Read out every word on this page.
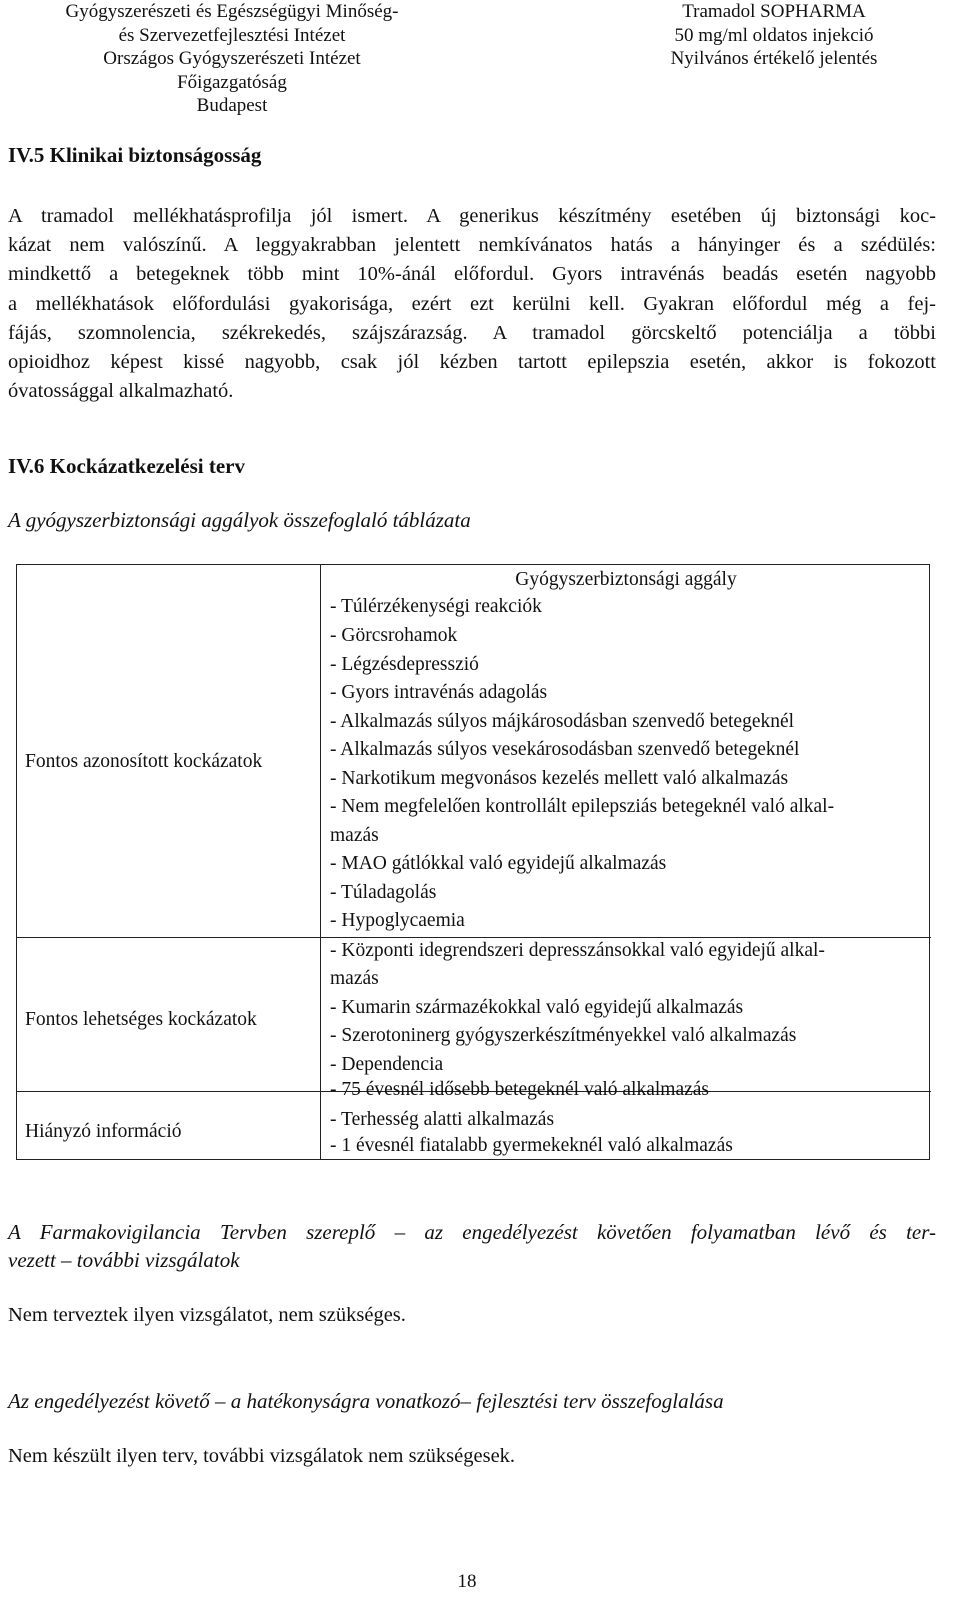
Gyógyszerészeti és Egészségügyi Minőség-
és Szervezetfejlesztési Intézet
Országos Gyógyszerészeti Intézet
Főigazgatóság
Budapest
Tramadol SOPHARMA
50 mg/ml oldatos injekció
Nyilvános értékelő jelentés
IV.5 Klinikai biztonságosság
A tramadol mellékhatásprofilja jól ismert. A generikus készítmény esetében új biztonsági koc-
kázat nem valószínű. A leggyakrabban jelentett nemkívánatos hatás a hányinger és a szédülés:
mindkettő a betegeknek több mint 10%-ánál előfordul. Gyors intravénás beadás esetén nagyobb
a mellékhatások előfordulási gyakorisága, ezért ezt kerülni kell. Gyakran előfordul még a fej-
fájás, szomnolencia, székrekedés, szájszárazság. A tramadol görcskeltő potenciálja a többi
opioidhoz képest kissé nagyobb, csak jól kézben tartott epilepszia esetén, akkor is fokozott
óvatossággal alkalmazható.
IV.6 Kockázatkezelési terv
A gyógyszerbiztonsági aggályok összefoglaló táblázata
Fontos azonosított kockázatok
Fontos lehetséges kockázatok
Hiányzó információ
Gyógyszerbiztonsági aggály
- Túlérzékenységi reakciók
- Görcsrohamok
- Légzésdepresszió
- Gyors intravénás adagolás
- Alkalmazás súlyos májkárosodásban szenvedő betegeknél
- Alkalmazás súlyos vesekárosodásban szenvedő betegeknél
- Narkotikum megvonásos kezelés mellett való alkalmazás
- Nem megfelelően kontrollált epilepsziás betegeknél való alkal-
mazás
- MAO gátlókkal való egyidejű alkalmazás
- Túladagolás
- Hypoglycaemia
- Központi idegrendszeri depresszánsokkal való egyidejű alkal-
mazás
- Kumarin származékokkal való egyidejű alkalmazás
- Szerotoninerg gyógyszerkészítményekkel való alkalmazás
- Dependencia
- 75 évesnél idősebb betegeknél való alkalmazás
- Terhesség alatti alkalmazás
- 1 évesnél fiatalabb gyermekeknél való alkalmazás
A Farmakovigilancia Tervben szereplő – az engedélyezést követően folyamatban lévő és ter-
vezett – további vizsgálatok
Nem terveztek ilyen vizsgálatot, nem szükséges.
Az engedélyezést követő – a hatékonyságra vonatkozó– fejlesztési terv összefoglalása
Nem készült ilyen terv, további vizsgálatok nem szükségesek.
18
